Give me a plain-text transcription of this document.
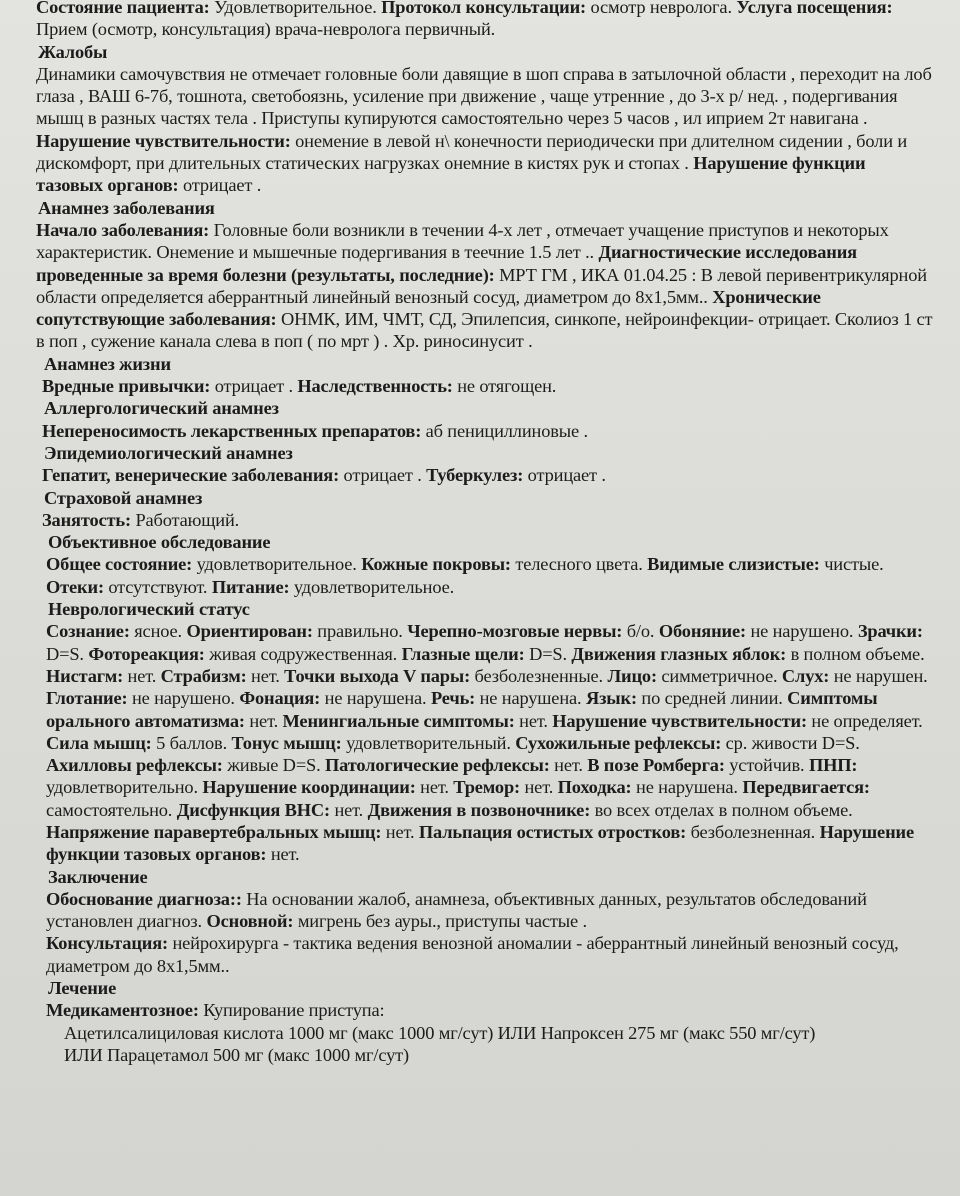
Состояние пациента: Удовлетворительное. Протокол консультации: осмотр невролога. Услуга посещения: Прием (осмотр, консультация) врача-невролога первичный.

Жалобы

Динамики самочувствия не отмечает головные боли давящие в шоп справа в затылочной области , переходит на лоб глаза , ВАШ 6-7б, тошнота, светобоязнь, усиление при движение , чаще утренние , до 3-х р/ нед. , подергивания мышц в разных частях тела . Приступы купируются самостоятельно через 5 часов , ил иприем 2т навигана . Нарушение чувствительности: онемение в левой н\ конечности периодически при длителном сидении , боли и дискомфорт, при длительных статических нагрузках онемние в кистях рук и стопах . Нарушение функции тазовых органов: отрицает .

Анамнез заболевания

Начало заболевания: Головные боли возникли в течении 4-х лет , отмечает учащение приступов и некоторых характеристик. Онемение и мышечные подергивания в теечние 1.5 лет .. Диагностические исследования проведенные за время болезни (результаты, последние): МРТ ГМ , ИКА 01.04.25 : В левой перивентрикулярной области определяется аберрантный линейный венозный сосуд, диаметром до 8х1,5мм.. Хронические сопутствующие заболевания: ОНМК, ИМ, ЧМТ, СД, Эпилепсия, синкопе, нейроинфекции- отрицает. Сколиоз 1 ст в поп , сужение канала слева в поп ( по мрт ) . Хр. риносинусит .

Анамнез жизни

Вредные привычки: отрицает . Наследственность: не отягощен.

Аллергологический анамнез

Непереносимость лекарственных препаратов: аб пенициллиновые .

Эпидемиологический анамнез

Гепатит, венерические заболевания: отрицает . Туберкулез: отрицает .

Страховой анамнез

Занятость: Работающий.

Объективное обследование

Общее состояние: удовлетворительное. Кожные покровы: телесного цвета. Видимые слизистые: чистые. Отеки: отсутствуют. Питание: удовлетворительное.

Неврологический статус

Сознание: ясное. Ориентирован: правильно. Черепно-мозговые нервы: б/о. Обоняние: не нарушено. Зрачки: D=S. Фотореакция: живая содружественная. Глазные щели: D=S. Движения глазных яблок: в полном объеме. Нистагм: нет. Страбизм: нет. Точки выхода V пары: безболезненные. Лицо: симметричное. Слух: не нарушен. Глотание: не нарушено. Фонация: не нарушена. Речь: не нарушена. Язык: по средней линии. Симптомы орального автоматизма: нет. Менингиальные симптомы: нет. Нарушение чувствительности: не определяет. Сила мышц: 5 баллов. Тонус мышц: удовлетворительный. Сухожильные рефлексы: ср. живости D=S. Ахилловы рефлексы: живые D=S. Патологические рефлексы: нет. В позе Ромберга: устойчив. ПНП: удовлетворительно. Нарушение координации: нет. Тремор: нет. Походка: не нарушена. Передвигается: самостоятельно. Дисфункция ВНС: нет. Движения в позвоночнике: во всех отделах в полном объеме. Напряжение паравертебральных мышц: нет. Пальпация остистых отростков: безболезненная. Нарушение функции тазовых органов: нет.

Заключение

Обоснование диагноза:: На основании жалоб, анамнеза, объективных данных, результатов обследований установлен диагноз. Основной: мигрень без ауры., приступы частые .

Консультация: нейрохирурга - тактика ведения венозной аномалии - аберрантный линейный венозный сосуд, диаметром до 8х1,5мм..

Лечение

Медикаментозное: Купирование приступа:

Ацетилсалициловая кислота 1000 мг (макс 1000 мг/сут) ИЛИ Напроксен 275 мг (макс 550 мг/сут)

ИЛИ Парацетамол 500 мг (макс 1000 мг/сут)
